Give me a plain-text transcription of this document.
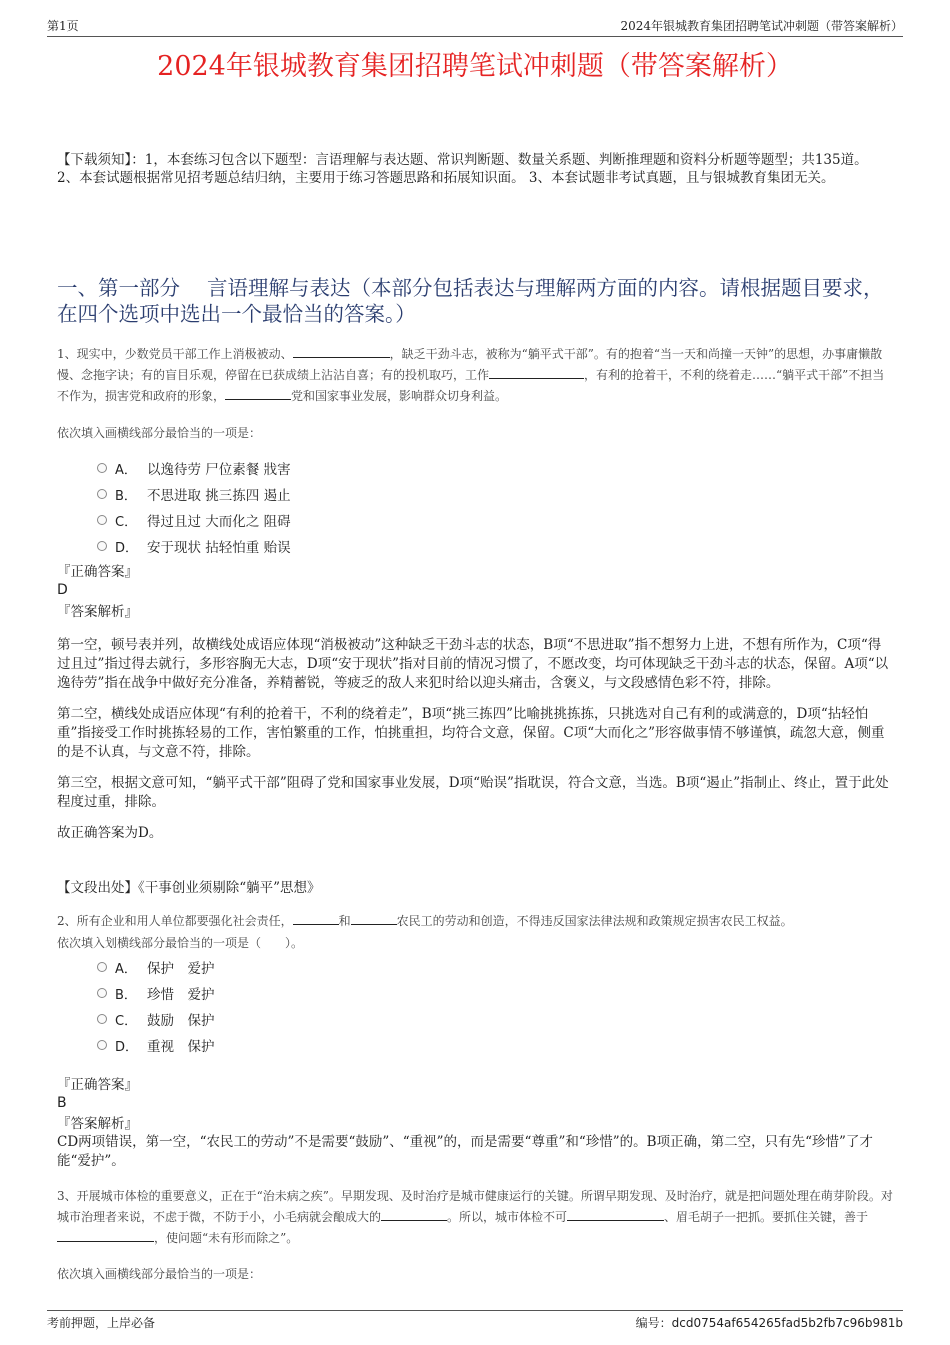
第1页	2024年银城教育集团招聘笔试冲刺题（带答案解析）
2024年银城教育集团招聘笔试冲刺题（带答案解析）
【下载须知】：1，本套练习包含以下题型：言语理解与表达题、常识判断题、数量关系题、判断推理题和资料分析题等题型；共135道。 2、本套试题根据常见招考题总结归纳，主要用于练习答题思路和拓展知识面。 3、本套试题非考试真题，且与银城教育集团无关。
一、第一部分　 言语理解与表达（本部分包括表达与理解两方面的内容。请根据题目要求，在四个选项中选出一个最恰当的答案。）
1、现实中，少数党员干部工作上消极被动、	，缺乏干劲斗志，被称为“躺平式干部”。有的抱着“当一天和尚撞一天钟”的思想，办事庸懒散慢、念拖字诀；有的盲目乐观，停留在已获成绩上沾沾自喜；有的投机取巧，工作	，有利的抢着干，不利的绕着走……“躺平式干部”不担当不作为，损害党和政府的形象，	党和国家事业发展，影响群众切身利益。
依次填入画横线部分最恰当的一项是：
A． 以逸待劳 尸位素餐 戕害
B． 不思进取 挑三拣四 遏止
C． 得过且过 大而化之 阻碍
D． 安于现状 拈轻怕重 贻误
『正确答案』
D
『答案解析』

第一空，顿号表并列，故横线处成语应体现“消极被动”这种缺乏干劲斗志的状态，B项“不思进取”指不想努力上进，不想有所作为，C项“得过且过”指过得去就行，多形容胸无大志，D项“安于现状”指对目前的情况习惯了，不愿改变，均可体现缺乏干劲斗志的状态，保留。A项“以逸待劳”指在战争中做好充分准备，养精蓄锐，等疲乏的敌人来犯时给以迎头痛击，含褒义，与文段感情色彩不符，排除。

第二空，横线处成语应体现“有利的抢着干，不利的绕着走”，B项“挑三拣四”比喻挑挑拣拣，只挑选对自己有利的或满意的，D项“拈轻怕重”指接受工作时挑拣轻易的工作，害怕繁重的工作，怕挑重担，均符合文意，保留。C项“大而化之”形容做事情不够谨慎，疏忽大意，侧重的是不认真，与文意不符，排除。

第三空，根据文意可知，“躺平式干部”阻碍了党和国家事业发展，D项“贻误”指耽误，符合文意，当选。B项“遏止”指制止、终止，置于此处程度过重，排除。

故正确答案为D。

【文段出处】《干事创业须剔除“躺平”思想》
2、所有企业和用人单位都要强化社会责任，	和	农民工的劳动和创造，不得违反国家法律法规和政策规定损害农民工权益。
依次填入划横线部分最恰当的一项是（　　）。
A． 保护　爱护
B． 珍惜　爱护
C． 鼓励　保护
D． 重视　保护
『正确答案』
B
『答案解析』
CD两项错误，第一空，“农民工的劳动”不是需要“鼓励”、“重视”的，而是需要“尊重”和“珍惜”的。B项正确，第二空，只有先“珍惜”了才能“爱护”。
3、开展城市体检的重要意义，正在于“治未病之疾”。早期发现、及时治疗是城市健康运行的关键。所谓早期发现、及时治疗，就是把问题处理在萌芽阶段。对城市治理者来说，不虑于微，不防于小，小毛病就会酿成大的	。所以，城市体检不可	、眉毛胡子一把抓。要抓住关键，善于，使问题“未有形而除之”。
依次填入画横线部分最恰当的一项是：
考前押题，上岸必备	编号：dcd0754af654265fad5b2fb7c96b981b
